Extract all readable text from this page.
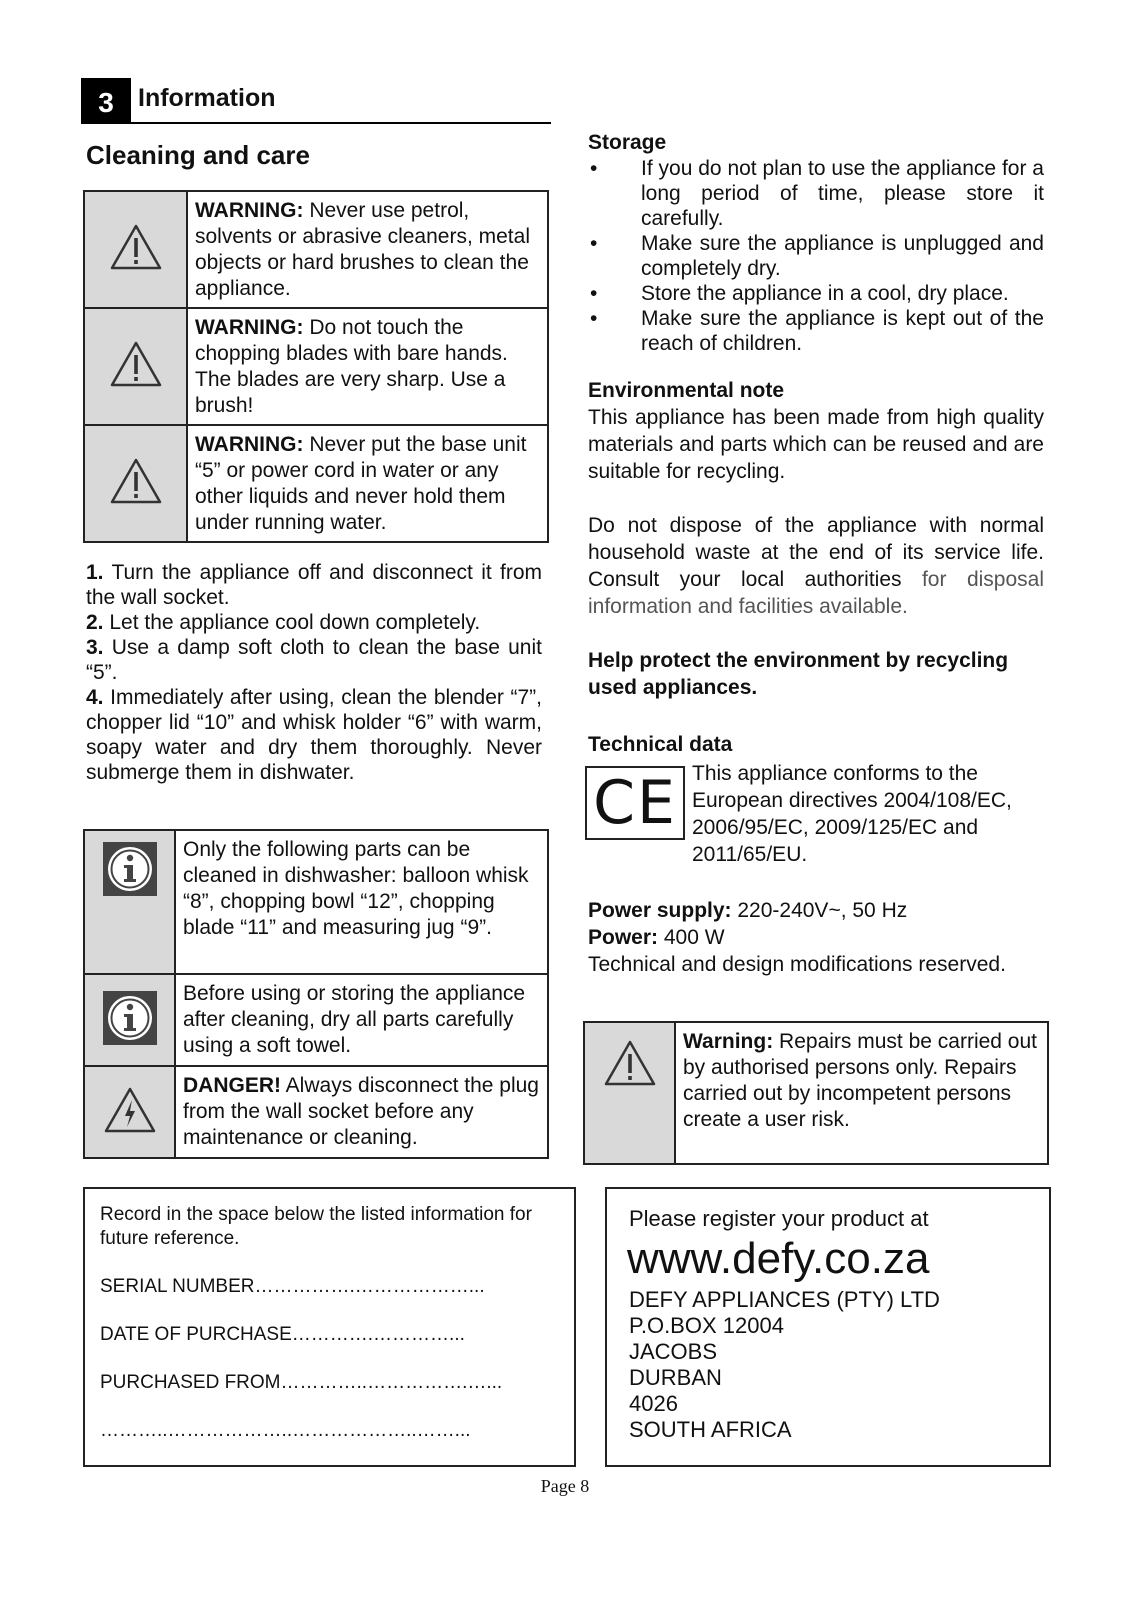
3 Information
Cleaning and care
	WARNING: Never use petrol, solvents or abrasive cleaners, metal objects or hard brushes to clean the appliance.
	WARNING: Do not touch the chopping blades with bare hands. The blades are very sharp. Use a brush!
	WARNING: Never put the base unit “5” or power cord in water or any other liquids and never hold them under running water.

1. Turn the appliance off and disconnect it from the wall socket.

2. Let the appliance cool down completely.

3. Use a damp soft cloth to clean the base unit “5”.

4. Immediately after using, clean the blender “7”, chopper lid “10” and whisk holder “6” with warm, soapy water and dry them thoroughly. Never submerge them in dishwater.

	Only the following parts can be cleaned in dishwasher: balloon whisk “8”, chopping bowl “12”, chopping blade “11” and measuring jug “9”.
	Before using or storing the appliance after cleaning, dry all parts carefully using a soft towel.
	DANGER! Always disconnect the plug from the wall socket before any maintenance or cleaning.
Storage
• If you do not plan to use the appliance for a long period of time, please store it carefully.
• Make sure the appliance is unplugged and completely dry.
• Store the appliance in a cool, dry place.
• Make sure the appliance is kept out of the reach of children.
Environmental note

This appliance has been made from high quality materials and parts which can be reused and are suitable for recycling.

Do not dispose of the appliance with normal household waste at the end of its service life. Consult your local authorities for disposal information and facilities available.

Help protect the environment by recycling used appliances.

Technical data
CE This appliance conforms to the European directives 2004/108/EC, 2006/95/EC, 2009/125/EC and 2011/65/EU.
Power supply: 220-240V~, 50 Hz
Power: 400 W
Technical and design modifications reserved.
	Warning: Repairs must be carried out by authorised persons only. Repairs carried out by incompetent persons create a user risk.
Record in the space below the listed information for future reference.
SERIAL NUMBER…………….………………...
DATE OF PURCHASE………….…………...
PURCHASED FROM…………..…………….…...
………..………………..………………..……...
Please register your product at
www.defy.co.za
DEFY APPLIANCES (PTY) LTD
P.O.BOX 12004
JACOBS
DURBAN
4026
SOUTH AFRICA
Page 8
